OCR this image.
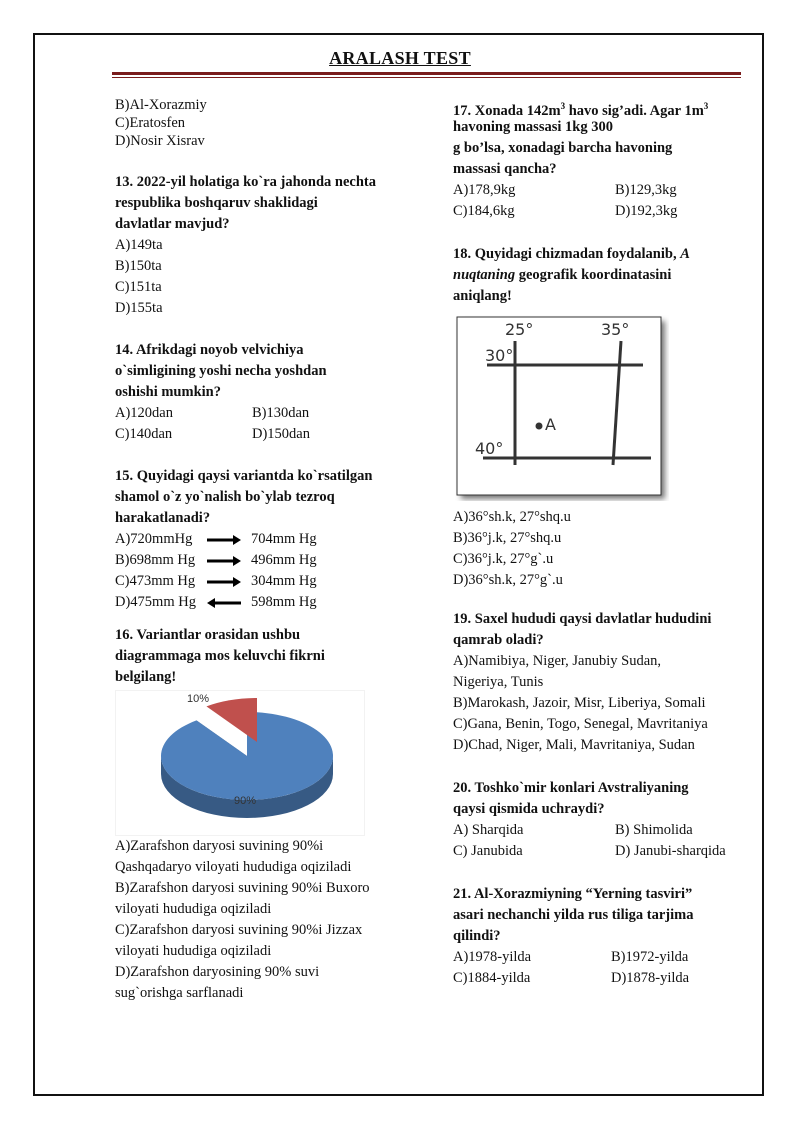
ARALASH TEST
B)Al-Xorazmiy
C)Eratosfen
D)Nosir Xisrav
13. 2022-yil holatiga ko`ra jahonda nechta
respublika boshqaruv shaklidagi
davlatlar mavjud?
A)149ta
B)150ta
C)151ta
D)155ta
14. Afrikdagi noyob velvichiya
o`simligining yoshi necha yoshdan
oshishi mumkin?
A)120dan	B)130dan
C)140dan	D)150dan
15. Quyidagi qaysi variantda ko`rsatilgan
shamol o`z yo`nalish bo`ylab tezroq
harakatlanadi?
A)720mmHg	704mm Hg
B)698mm Hg	496mm Hg
C)473mm Hg	304mm Hg
D)475mm Hg	598mm Hg
16. Variantlar orasidan ushbu
diagrammaga mos keluvchi fikrni
belgilang!
90%
10%
A)Zarafshon daryosi suvining 90%i
Qashqadaryo viloyati hududiga oqiziladi
B)Zarafshon daryosi suvining 90%i Buxoro
viloyati hududiga oqiziladi
C)Zarafshon daryosi suvining 90%i Jizzax
viloyati hududiga oqiziladi
D)Zarafshon daryosining 90% suvi
sug`orishga sarflanadi
17. Xonada $142m^3$ havo sig’adi. Agar $1m^3$
havoning massasi 1kg 300
g bo’lsa, xonadagi barcha havoning
massasi qancha?
A)178,9kg	B)129,3kg
C)184,6kg	D)192,3kg
18. Quyidagi chizmadan foydalanib, A
nuqtaning geografik koordinatasini
aniqlang!
25°	35°
30°
40°
A
A)36°sh.k, 27°shq.u
B)36°j.k, 27°shq.u
C)36°j.k, 27°g`.u
D)36°sh.k, 27°g`.u
19. Saxel hududi qaysi davlatlar hududini
qamrab oladi?
A)Namibiya, Niger, Janubiy Sudan,
Nigeriya, Tunis
B)Marokash, Jazoir, Misr, Liberiya, Somali
C)Gana, Benin, Togo, Senegal, Mavritaniya
D)Chad, Niger, Mali, Mavritaniya, Sudan
20. Toshko`mir konlari Avstraliyaning
qaysi qismida uchraydi?
A) Sharqida	B) Shimolida
C) Janubida	D) Janubi-sharqida
21. Al-Xorazmiyning “Yerning tasviri”
asari nechanchi yilda rus tiliga tarjima
qilindi?
A)1978-yilda	B)1972-yilda
C)1884-yilda	D)1878-yilda
